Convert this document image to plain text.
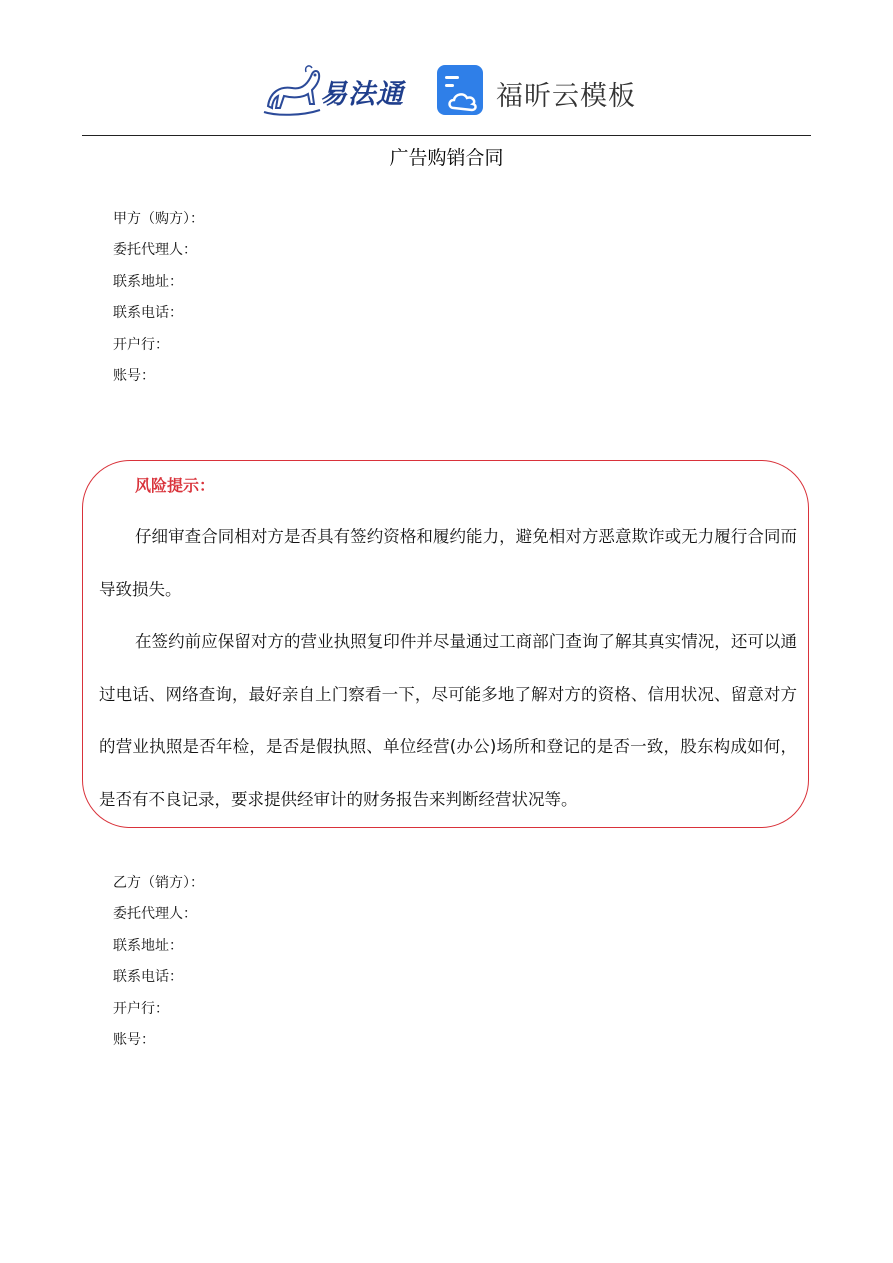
易法通	福昕云模板
广告购销合同
甲方（购方）：
委托代理人：
联系地址：
联系电话：
开户行：
账号：
风险提示：

仔细审查合同相对方是否具有签约资格和履约能力，避免相对方恶意欺诈或无力履行合同而导致损失。

在签约前应保留对方的营业执照复印件并尽量通过工商部门查询了解其真实情况，还可以通过电话、网络查询，最好亲自上门察看一下，尽可能多地了解对方的资格、信用状况、留意对方的营业执照是否年检，是否是假执照、单位经营(办公)场所和登记的是否一致，股东构成如何，是否有不良记录，要求提供经审计的财务报告来判断经营状况等。

乙方（销方）：
委托代理人：
联系地址：
联系电话：
开户行：
账号：
